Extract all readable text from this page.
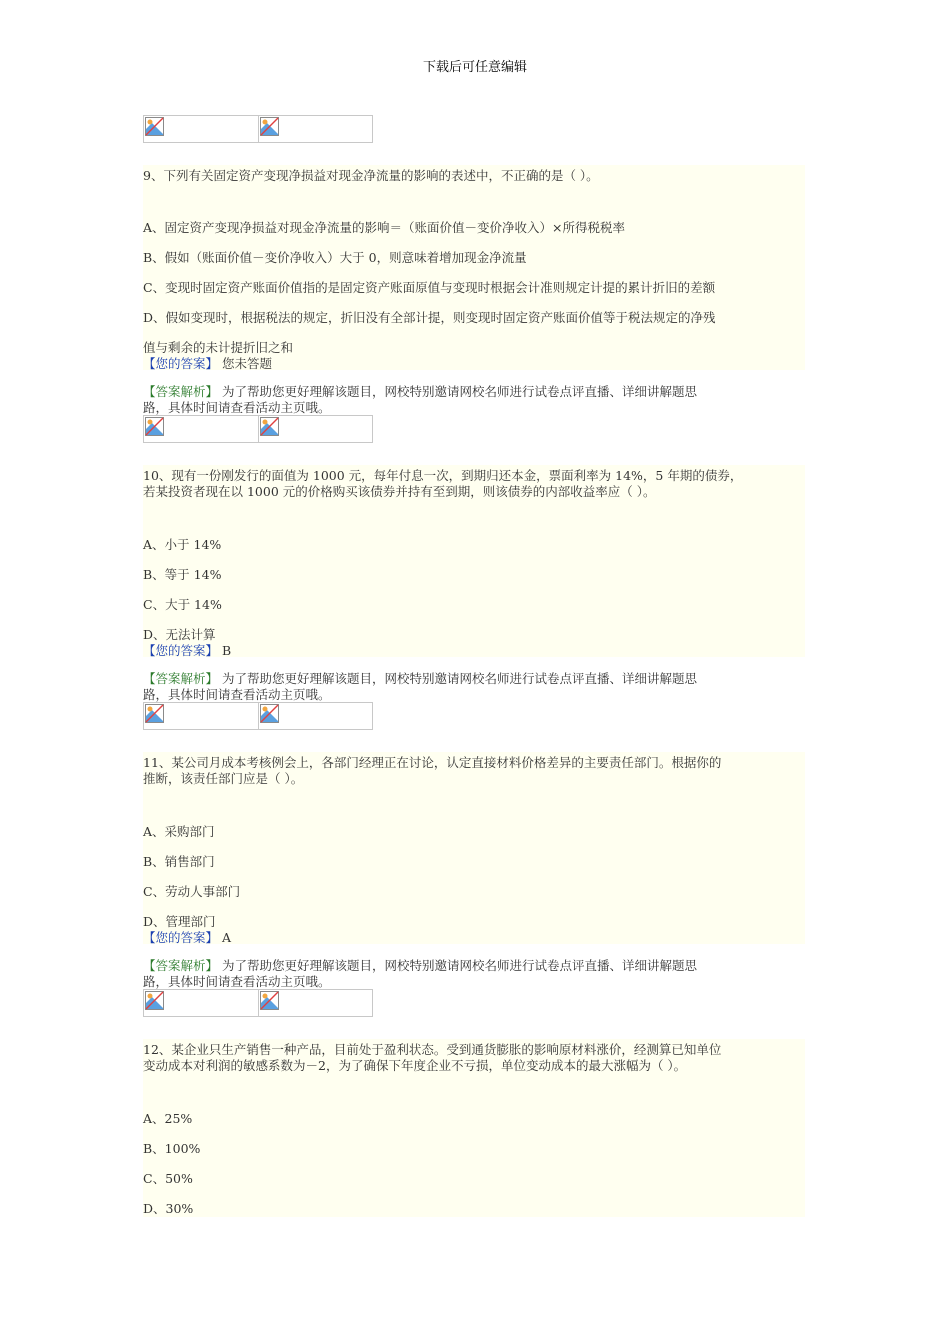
下载后可任意编辑
9、下列有关固定资产变现净损益对现金净流量的影响的表述中，不正确的是（ ）。
A、固定资产变现净损益对现金净流量的影响＝（账面价值－变价净收入）×所得税税率
B、假如（账面价值－变价净收入）大于 0，则意味着增加现金净流量
C、变现时固定资产账面价值指的是固定资产账面原值与变现时根据会计准则规定计提的累计折旧的差额
D、假如变现时，根据税法的规定，折旧没有全部计提，则变现时固定资产账面价值等于税法规定的净残
值与剩余的未计提折旧之和
【您的答案】 您未答题
【答案解析】 为了帮助您更好理解该题目，网校特别邀请网校名师进行试卷点评直播、详细讲解题思
路，具体时间请查看活动主页哦。
10、现有一份刚发行的面值为 1000 元，每年付息一次，到期归还本金，票面利率为 14%，5 年期的债券，
若某投资者现在以 1000 元的价格购买该债券并持有至到期，则该债券的内部收益率应（ ）。
A、小于 14%
B、等于 14%
C、大于 14%
D、无法计算
【您的答案】 B
【答案解析】 为了帮助您更好理解该题目，网校特别邀请网校名师进行试卷点评直播、详细讲解题思
路，具体时间请查看活动主页哦。
11、某公司月成本考核例会上，各部门经理正在讨论，认定直接材料价格差异的主要责任部门。根据你的
推断，该责任部门应是（ ）。
A、采购部门
B、销售部门
C、劳动人事部门
D、管理部门
【您的答案】 A
【答案解析】 为了帮助您更好理解该题目，网校特别邀请网校名师进行试卷点评直播、详细讲解题思
路，具体时间请查看活动主页哦。
12、某企业只生产销售一种产品，目前处于盈利状态。受到通货膨胀的影响原材料涨价，经测算已知单位
变动成本对利润的敏感系数为－2，为了确保下年度企业不亏损，单位变动成本的最大涨幅为（ ）。
A、25%
B、100%
C、50%
D、30%
